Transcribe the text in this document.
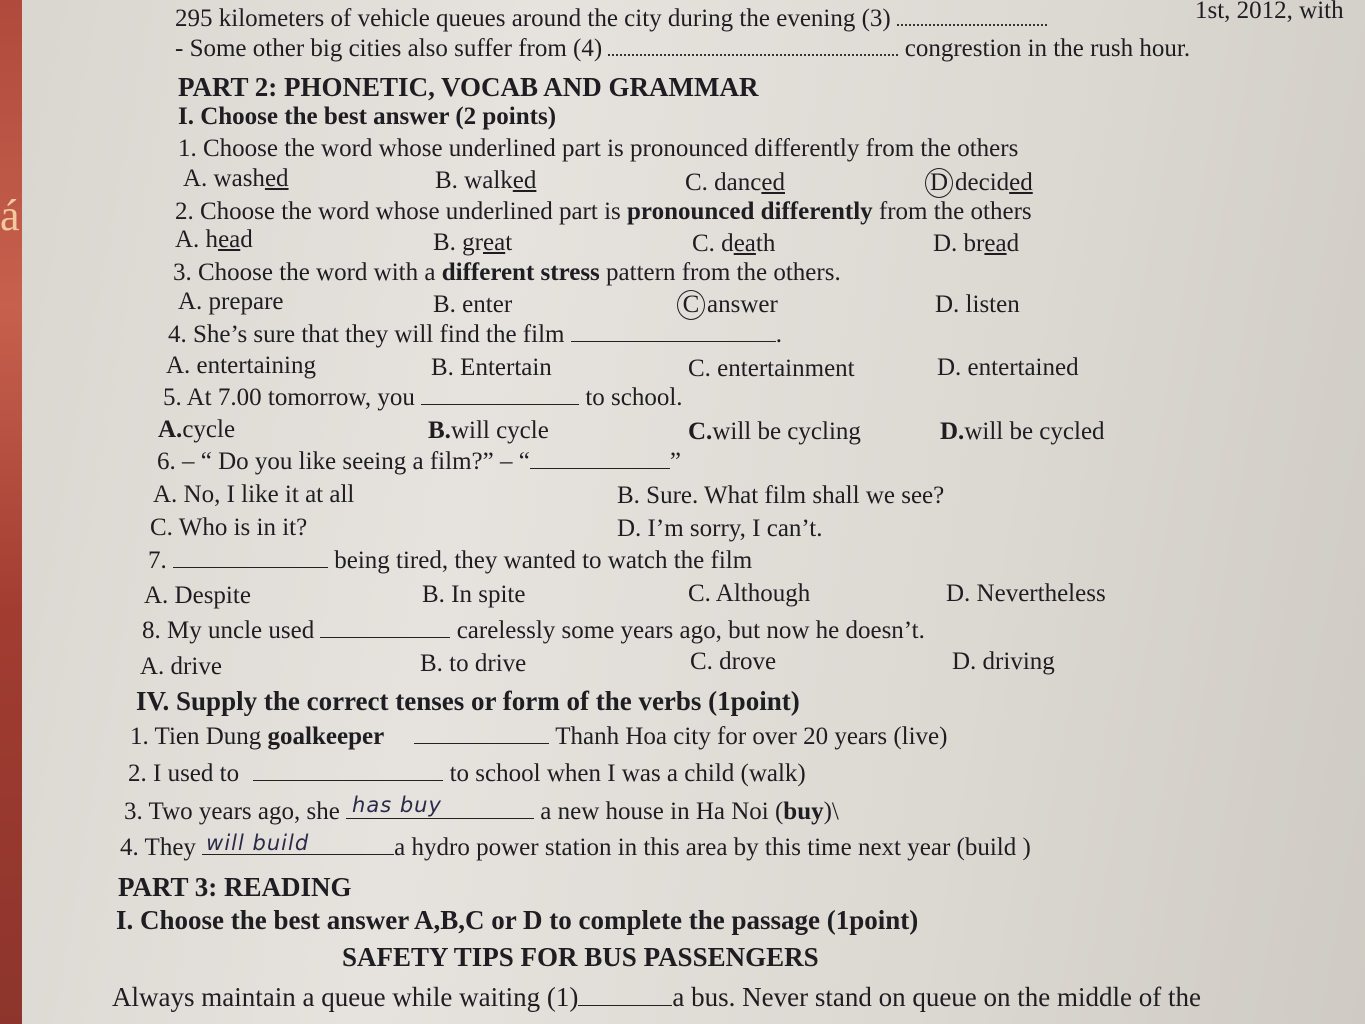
á
1st, 2012, with
295 kilometers of vehicle queues around the city during the evening (3)
- Some other big cities also suffer from (4)	congrestion in the rush hour.
PART 2: PHONETIC, VOCAB AND GRAMMAR
I. Choose the best answer (2 points)
1. Choose the word whose underlined part is pronounced differently from the others
A. washed	B. walked	C. danced	D decided
2. Choose the word whose underlined part is pronounced differently from the others
A. head	B. great	C. death	D. bread
3. Choose the word with a different stress pattern from the others.
A. prepare	B. enter	C answer	D. listen
4. She’s sure that they will find the film	.
A. entertaining	B. Entertain	C. entertainment	D. entertained
5. At 7.00 tomorrow, you	to school.
A.cycle	B.will cycle	C.will be cycling	D.will be cycled
6. – “ Do you like seeing a film?” – “	”
A. No, I like it at all	B. Sure. What film shall we see?
C. Who is in it?	D. I’m sorry, I can’t.
7.	being tired, they wanted to watch the film
A. Despite	B. In spite	C. Although	D. Nevertheless
8. My uncle used	carelessly some years ago, but now he doesn’t.
A. drive	B. to drive	C. drove	D. driving
IV. Supply the correct tenses or form of the verbs (1point)
1. Tien Dung goalkeeper	Thanh Hoa city for over 20 years (live)
2. I used to	to school when I was a child (walk)
3. Two years ago, she has buy	a new house in Ha Noi (buy)\
4. They will build	a hydro power station in this area by this time next year (build )
PART 3: READING
I. Choose the best answer A,B,C or D to complete the passage (1point)
SAFETY TIPS FOR BUS PASSENGERS
Always maintain a queue while waiting (1)	a bus. Never stand on queue on the middle of the
